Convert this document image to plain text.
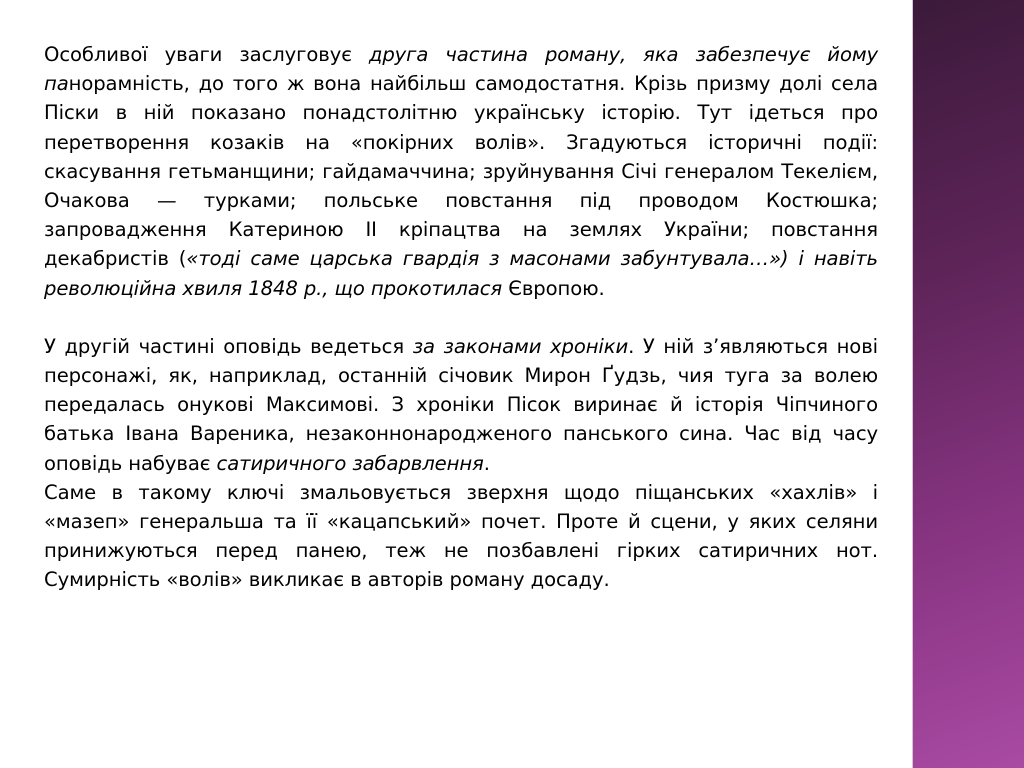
Особливої уваги заслуговує друга частина роману, яка забезпечує йому панорамність, до того ж вона найбільш самодостатня. Крізь призму долі села Піски в ній показано понадстолітню українську історію. Тут ідеться про перетворення козаків на «покірних волів». Згадуються історичні події: скасування гетьманщини; гайдамаччина; зруйнування Січі генералом Текелієм, Очакова — турками; польське повстання під проводом Костюшка; запровадження Катериною II кріпацтва на землях України; повстання декабристів («тоді саме царська гвардія з масонами забунтувала…») і навіть революційна хвиля 1848 р., що прокотилася Європою.

У другій частині оповідь ведеться за законами хроніки. У ній з’являються нові персонажі, як, наприклад, останній січовик Мирон Ґудзь, чия туга за волею передалась онукові Максимові. З хроніки Пісок виринає й історія Чіпчиного батька Івана Вареника, незаконнонародженого панського сина. Час від часу оповідь набуває сатиричного забарвлення.

Саме в такому ключі змальовується зверхня щодо піщанських «хахлів» і «мазеп» генеральша та її «кацапський» почет. Проте й сцени, у яких селяни принижуються перед панею, теж не позбавлені гірких сатиричних нот. Сумирність «волів» викликає в авторів роману досаду.
